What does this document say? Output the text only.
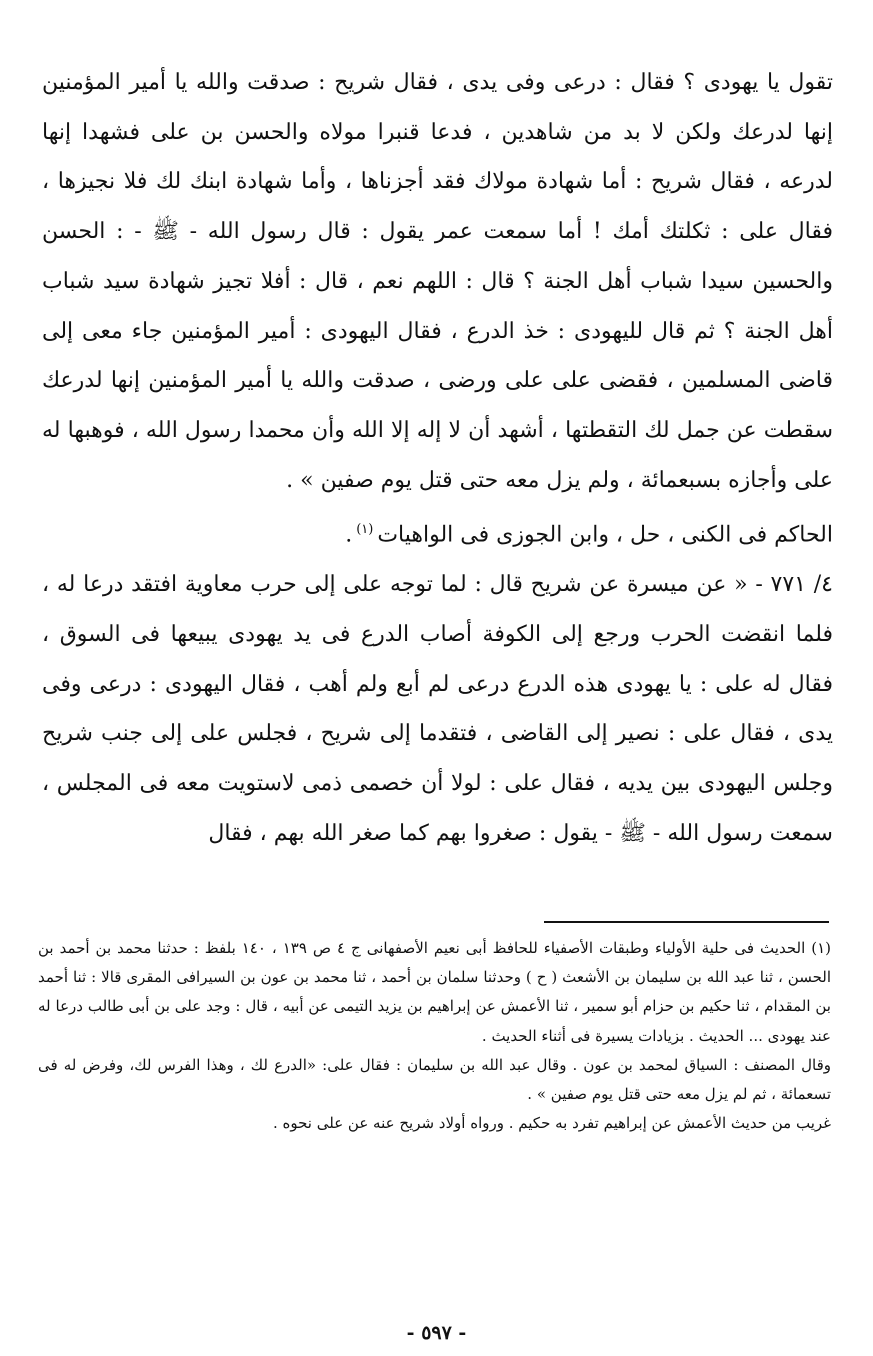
تقول يا يهودى ؟ فقال : درعى وفى يدى ، فقال شريح : صدقت والله يا أمير المؤمنين إنها لدرعك ولكن لا بد من شاهدين ، فدعا قنبرا مولاه والحسن بن على فشهدا إنها لدرعه ، فقال شريح : أما شهادة مولاك فقد أجزناها ، وأما شهادة ابنك لك فلا نجيزها ، فقال على : ثكلتك أمك ! أما سمعت عمر يقول : قال رسول الله - ﷺ - : الحسن والحسين سيدا شباب أهل الجنة ؟ قال : اللهم نعم ، قال : أفلا تجيز شهادة سيد شباب أهل الجنة ؟ ثم قال لليهودى : خذ الدرع ، فقال اليهودى : أمير المؤمنين جاء معى إلى قاضى المسلمين ، فقضى على على ورضى ، صدقت والله يا أمير المؤمنين إنها لدرعك سقطت عن جمل لك التقطتها ، أشهد أن لا إله إلا الله وأن محمدا رسول الله ، فوهبها له على وأجازه بسبعمائة ، ولم يزل معه حتى قتل يوم صفين » .

الحاكم فى الكنى ، حل ، وابن الجوزى فى الواهيات$^{(١)}$.

٤/ ٧٧١ - « عن ميسرة عن شريح قال : لما توجه على إلى حرب معاوية افتقد درعا له ، فلما انقضت الحرب ورجع إلى الكوفة أصاب الدرع فى يد يهودى يبيعها فى السوق ، فقال له على : يا يهودى هذه الدرع درعى لم أبع ولم أهب ، فقال اليهودى : درعى وفى يدى ، فقال على : نصير إلى القاضى ، فتقدما إلى شريح ، فجلس على إلى جنب شريح وجلس اليهودى بين يديه ، فقال على : لولا أن خصمى ذمى لاستويت معه فى المجلس ، سمعت رسول الله - ﷺ - يقول : صغروا بهم كما صغر الله بهم ، فقال

(١) الحديث فى حلية الأولياء وطبقات الأصفياء للحافظ أبى نعيم الأصفهانى ج ٤ ص ١٣٩ ، ١٤٠ بلفظ : حدثنا محمد بن أحمد بن الحسن ، ثنا عبد الله بن سليمان بن الأشعث ( ح ) وحدثنا سلمان بن أحمد ، ثنا محمد بن عون بن السيرافى المقرى قالا : ثنا أحمد بن المقدام ، ثنا حكيم بن حزام أبو سمير ، ثنا الأعمش عن إبراهيم بن يزيد التيمى عن أبيه ، قال : وجد على بن أبى طالب درعا له عند يهودى ... الحديث . بزيادات يسيرة فى أثناء الحديث .

وقال المصنف : السياق لمحمد بن عون . وقال عبد الله بن سليمان : فقال على: «الدرع لك ، وهذا الفرس لك، وفرض له فى تسعمائة ، ثم لم يزل معه حتى قتل يوم صفين » .

غريب من حديث الأعمش عن إبراهيم تفرد به حكيم . ورواه أولاد شريح عنه عن على نحوه .

- ٥٩٧ -
